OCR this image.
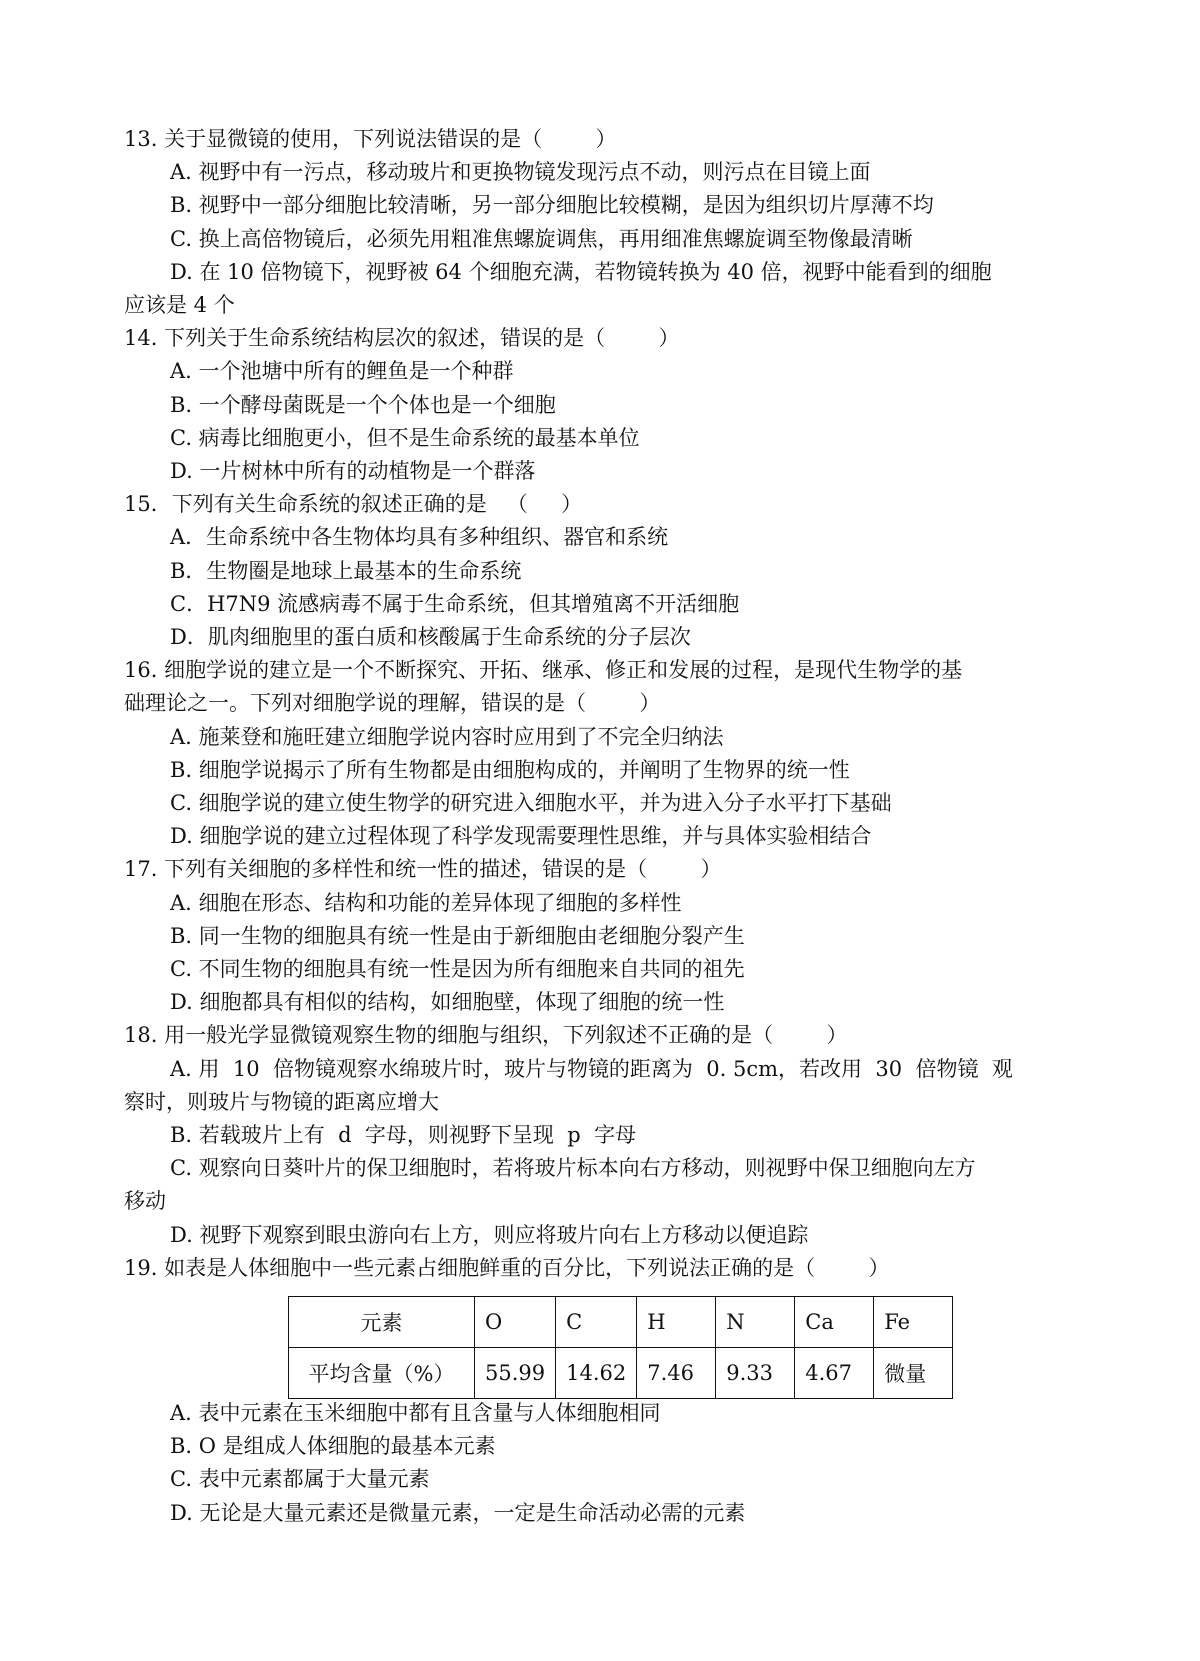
13. 关于显微镜的使用，下列说法错误的是（        ）
A. 视野中有一污点，移动玻片和更换物镜发现污点不动，则污点在目镜上面
B. 视野中一部分细胞比较清晰，另一部分细胞比较模糊，是因为组织切片厚薄不均
C. 换上高倍物镜后，必须先用粗准焦螺旋调焦，再用细准焦螺旋调至物像最清晰
D. 在 10 倍物镜下，视野被 64 个细胞充满，若物镜转换为 40 倍，视野中能看到的细胞
应该是 4 个
14. 下列关于生命系统结构层次的叙述，错误的是（        ）
A. 一个池塘中所有的鲤鱼是一个种群
B. 一个酵母菌既是一个个体也是一个细胞
C. 病毒比细胞更小，但不是生命系统的最基本单位
D. 一片树林中所有的动植物是一个群落
15．下列有关生命系统的叙述正确的是   （     ）
A．生命系统中各生物体均具有多种组织、器官和系统
B．生物圈是地球上最基本的生命系统
C．H7N9 流感病毒不属于生命系统，但其增殖离不开活细胞
D．肌肉细胞里的蛋白质和核酸属于生命系统的分子层次
16. 细胞学说的建立是一个不断探究、开拓、继承、修正和发展的过程，是现代生物学的基
础理论之一。下列对细胞学说的理解，错误的是（        ）
A. 施莱登和施旺建立细胞学说内容时应用到了不完全归纳法
B. 细胞学说揭示了所有生物都是由细胞构成的，并阐明了生物界的统一性
C. 细胞学说的建立使生物学的研究进入细胞水平，并为进入分子水平打下基础
D. 细胞学说的建立过程体现了科学发现需要理性思维，并与具体实验相结合
17. 下列有关细胞的多样性和统一性的描述，错误的是（        ）
A. 细胞在形态、结构和功能的差异体现了细胞的多样性
B. 同一生物的细胞具有统一性是由于新细胞由老细胞分裂产生
C. 不同生物的细胞具有统一性是因为所有细胞来自共同的祖先
D. 细胞都具有相似的结构，如细胞壁，体现了细胞的统一性
18. 用一般光学显微镜观察生物的细胞与组织，下列叙述不正确的是（        ）
A. 用  10  倍物镜观察水绵玻片时，玻片与物镜的距离为  0. 5cm，若改用  30  倍物镜  观
察时，则玻片与物镜的距离应增大
B. 若载玻片上有  d  字母，则视野下呈现  p  字母
C. 观察向日葵叶片的保卫细胞时，若将玻片标本向右方移动，则视野中保卫细胞向左方
移动
D. 视野下观察到眼虫游向右上方，则应将玻片向右上方移动以便追踪
19. 如表是人体细胞中一些元素占细胞鲜重的百分比，下列说法正确的是（        ）
A. 表中元素在玉米细胞中都有且含量与人体细胞相同
B. O 是组成人体细胞的最基本元素
C. 表中元素都属于大量元素
D. 无论是大量元素还是微量元素，一定是生命活动必需的元素
元素	O	C	H	N	Ca	Fe
平均含量（%）	55.99	14.62	7.46	9.33	4.67	微量
